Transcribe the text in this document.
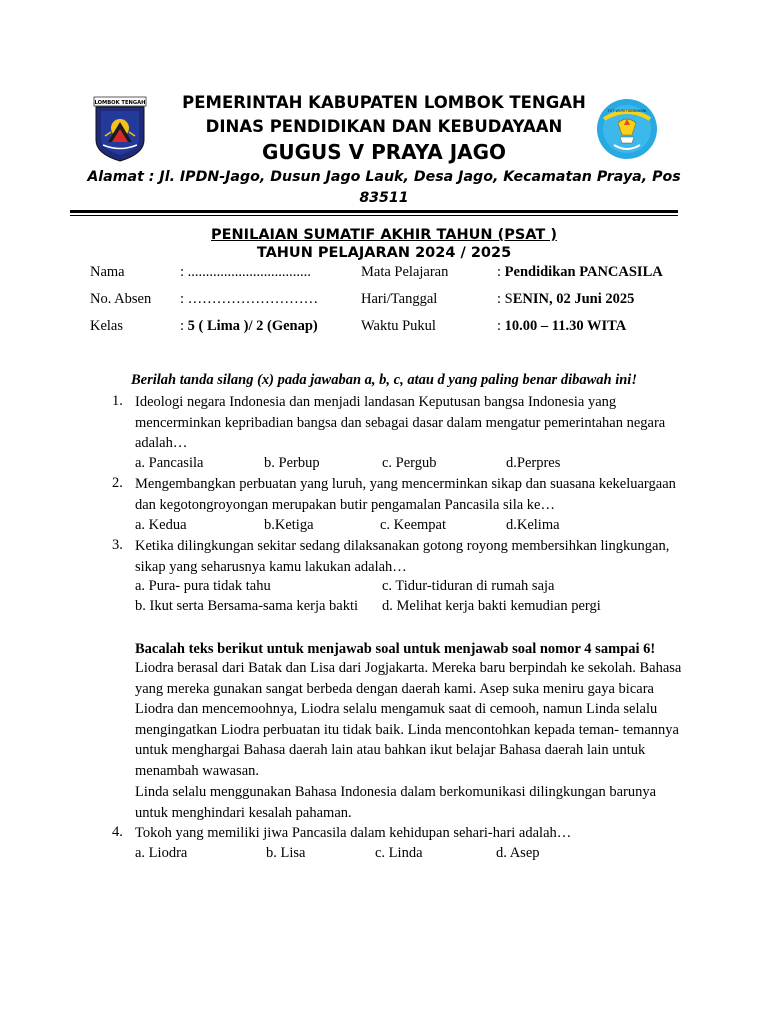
LOMBOK TENGAH
TUT WURI HANDAYANI
PEMERINTAH KABUPATEN LOMBOK TENGAH
DINAS PENDIDIKAN DAN KEBUDAYAAN
GUGUS V PRAYA JAGO
Alamat : Jl. IPDN-Jago, Dusun Jago Lauk, Desa Jago, Kecamatan Praya, Pos 83511
PENILAIAN SUMATIF AKHIR TAHUN (PSAT )
TAHUN PELAJARAN 2024 / 2025
Nama	: ..................................	Mata Pelajaran	: Pendidikan PANCASILA
No. Absen : ………………………	Hari/Tanggal	: SENIN, 02 Juni 2025
Kelas	: 5 ( Lima )/ 2 (Genap)	Waktu Pukul	: 10.00 – 11.30 WITA
Berilah tanda silang (x) pada jawaban a, b, c, atau d yang paling benar dibawah ini!
1. Ideologi negara Indonesia dan menjadi landasan Keputusan bangsa Indonesia yang mencerminkan kepribadian bangsa dan sebagai dasar dalam mengatur pemerintahan negara adalah…
a. Pancasila	b. Perbup	c. Pergub	d.Perpres
2. Mengembangkan perbuatan yang luruh, yang mencerminkan sikap dan suasana kekeluargaan dan kegotongroyongan merupakan butir pengamalan Pancasila sila ke…
a. Kedua	b.Ketiga	c. Keempat	d.Kelima
3. Ketika dilingkungan sekitar sedang dilaksanakan gotong royong membersihkan lingkungan, sikap yang seharusnya kamu lakukan adalah…
a. Pura- pura tidak tahu	c. Tidur-tiduran di rumah saja
b. Ikut serta Bersama-sama kerja bakti d. Melihat kerja bakti kemudian pergi
Bacalah teks berikut untuk menjawab soal untuk menjawab soal nomor 4 sampai 6!
Liodra berasal dari Batak dan Lisa dari Jogjakarta. Mereka baru berpindah ke sekolah. Bahasa yang mereka gunakan sangat berbeda dengan daerah kami. Asep suka meniru gaya bicara Liodra dan mencemoohnya, Liodra selalu mengamuk saat di cemooh, namun Linda selalu mengingatkan Liodra perbuatan itu tidak baik. Linda mencontohkan kepada teman- temannya untuk menghargai Bahasa daerah lain atau bahkan ikut belajar Bahasa daerah lain untuk menambah wawasan.
Linda selalu menggunakan Bahasa Indonesia dalam berkomunikasi dilingkungan barunya untuk menghindari kesalah pahaman.
4. Tokoh yang memiliki jiwa Pancasila dalam kehidupan sehari-hari adalah…
a. Liodra	b. Lisa	c. Linda	d. Asep
